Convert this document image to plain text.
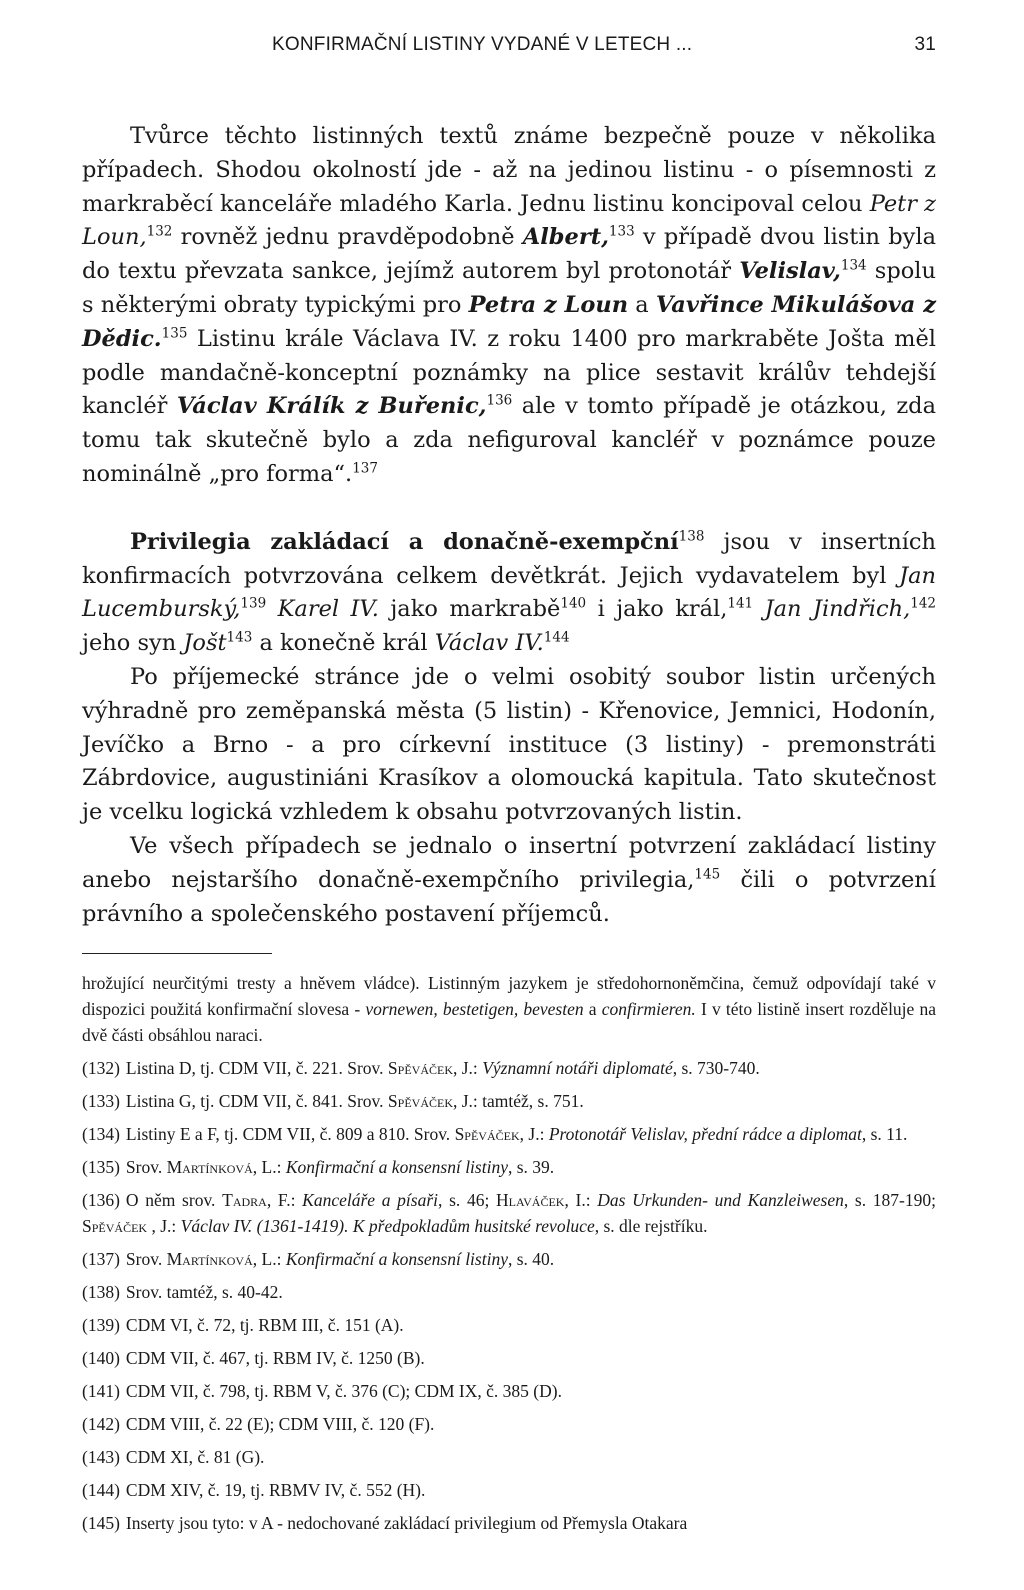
KONFIRMAČNÍ LISTINY VYDANÉ V LETECH ...	31

Tvůrce těchto listinných textů známe bezpečně pouze v několika případech. Shodou okolností jde - až na jedinou listinu - o písemnosti z markraběcí kanceláře mladého Karla. Jednu listinu koncipoval celou Petr z Loun,$^{132}$ rovněž jednu pravděpodobně Albert,$^{133}$ v případě dvou listin byla do textu převzata sankce, jejímž autorem byl protonotář Velislav,$^{134}$ spolu s některými obraty typickými pro Petra z Loun a Vavřince Mikulášova z Dědic.$^{135}$ Listinu krále Václava IV. z roku 1400 pro markraběte Jošta měl podle mandačně-konceptní poznámky na plice sestavit králův tehdejší kancléř Václav Králík z Buřenic,$^{136}$ ale v tomto případě je otázkou, zda tomu tak skutečně bylo a zda nefiguroval kancléř v poznámce pouze nominálně „pro forma“.$^{137}$

Privilegia zakládací a donačně-exempční$^{138}$ jsou v insertních konfirmacích potvrzována celkem devětkrát. Jejich vydavatelem byl Jan Lucemburský,$^{139}$ Karel IV. jako markrabě$^{140}$ i jako král,$^{141}$ Jan Jindřich,$^{142}$ jeho syn Jošt$^{143}$ a konečně král Václav IV.$^{144}$

Po příjemecké stránce jde o velmi osobitý soubor listin určených výhradně pro zeměpanská města (5 listin) - Křenovice, Jemnici, Hodonín, Jevíčko a Brno - a pro církevní instituce (3 listiny) - premonstráti Zábrdovice, augustiniáni Krasíkov a olomoucká kapitula. Tato skutečnost je vcelku logická vzhledem k obsahu potvrzovaných listin.

Ve všech případech se jednalo o insertní potvrzení zakládací listiny anebo nejstaršího donačně-exempčního privilegia,$^{145}$ čili o potvrzení právního a společenského postavení příjemců.

hrožující neurčitými tresty a hněvem vládce). Listinným jazykem je středohornoněmčina, čemuž odpovídají také v dispozici použitá konfirmační slovesa - vornewen, bestetigen, bevesten a confirmieren. I v této listině insert rozděluje na dvě části obsáhlou naraci.

(132) Listina D, tj. CDM VII, č. 221. Srov. Spěváček, J.: Významní notáři diplomaté, s. 730-740.

(133) Listina G, tj. CDM VII, č. 841. Srov. Spěváček, J.: tamtéž, s. 751.

(134) Listiny E a F, tj. CDM VII, č. 809 a 810. Srov. Spěváček, J.: Protonotář Velislav, přední rádce a diplomat, s. 11.

(135) Srov. Martínková, L.: Konfirmační a konsensní listiny, s. 39.

(136) O něm srov. Tadra, F.: Kanceláře a písaři, s. 46; Hlaváček, I.: Das Urkunden- und Kanzleiwesen, s. 187-190; Spěváček , J.: Václav IV. (1361-1419). K předpokladům husitské revoluce, s. dle rejstříku.

(137) Srov. Martínková, L.: Konfirmační a konsensní listiny, s. 40.

(138) Srov. tamtéž, s. 40-42.

(139) CDM VI, č. 72, tj. RBM III, č. 151 (A).

(140) CDM VII, č. 467, tj. RBM IV, č. 1250 (B).

(141) CDM VII, č. 798, tj. RBM V, č. 376 (C); CDM IX, č. 385 (D).

(142) CDM VIII, č. 22 (E); CDM VIII, č. 120 (F).

(143) CDM XI, č. 81 (G).

(144) CDM XIV, č. 19, tj. RBMV IV, č. 552 (H).

(145) Inserty jsou tyto: v A - nedochované zakládací privilegium od Přemysla Otakara
